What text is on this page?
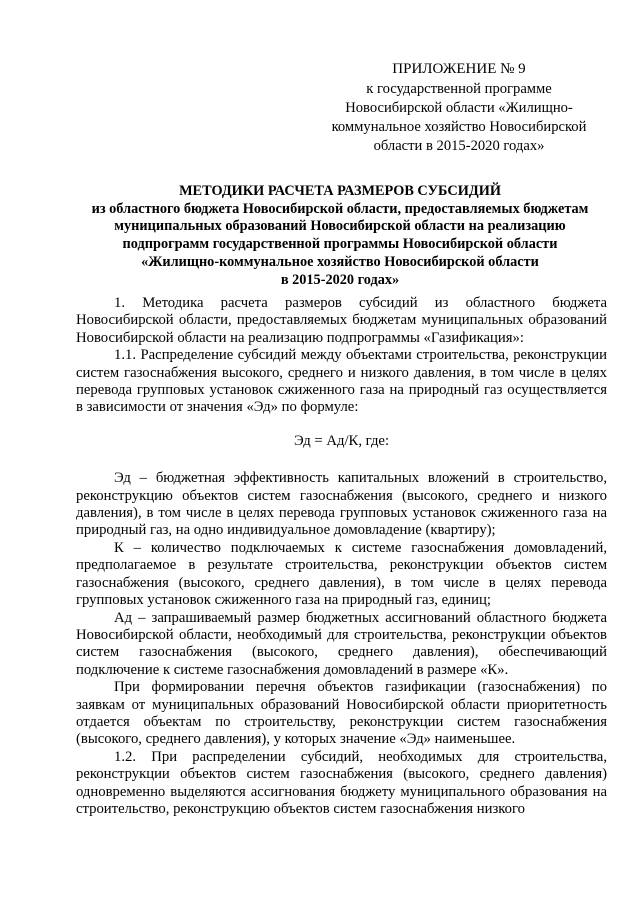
ПРИЛОЖЕНИЕ № 9
к государственной программе
Новосибирской области «Жилищно-
коммунальное хозяйство Новосибирской
области в 2015-2020 годах»
МЕТОДИКИ РАСЧЕТА РАЗМЕРОВ СУБСИДИЙ
из областного бюджета Новосибирской области, предоставляемых бюджетам
муниципальных образований Новосибирской области на реализацию
подпрограмм государственной программы Новосибирской области
«Жилищно-коммунальное хозяйство Новосибирской области
в 2015-2020 годах»

1. Методика расчета размеров субсидий из областного бюджета Новосибирской области, предоставляемых бюджетам муниципальных образований Новосибирской области на реализацию подпрограммы «Газификация»:

1.1. Распределение субсидий между объектами строительства, реконструкции систем газоснабжения высокого, среднего и низкого давления, в том числе в целях перевода групповых установок сжиженного газа на природный газ осуществляется в зависимости от значения «Эд» по формуле:

Эд = Ад/К, где:

Эд – бюджетная эффективность капитальных вложений в строительство, реконструкцию объектов систем газоснабжения (высокого, среднего и низкого давления), в том числе в целях перевода групповых установок сжиженного газа на природный газ, на одно индивидуальное домовладение (квартиру);

К – количество подключаемых к системе газоснабжения домовладений, предполагаемое в результате строительства, реконструкции объектов систем газоснабжения (высокого, среднего давления), в том числе в целях перевода групповых установок сжиженного газа на природный газ, единиц;

Ад – запрашиваемый размер бюджетных ассигнований областного бюджета Новосибирской области, необходимый для строительства, реконструкции объектов систем газоснабжения (высокого, среднего давления), обеспечивающий подключение к системе газоснабжения домовладений в размере «К».

При формировании перечня объектов газификации (газоснабжения) по заявкам от муниципальных образований Новосибирской области приоритетность отдается объектам по строительству, реконструкции систем газоснабжения (высокого, среднего давления), у которых значение «Эд» наименьшее.

1.2. При распределении субсидий, необходимых для строительства, реконструкции объектов систем газоснабжения (высокого, среднего давления) одновременно выделяются ассигнования бюджету муниципального образования на строительство, реконструкцию объектов систем газоснабжения низкого
